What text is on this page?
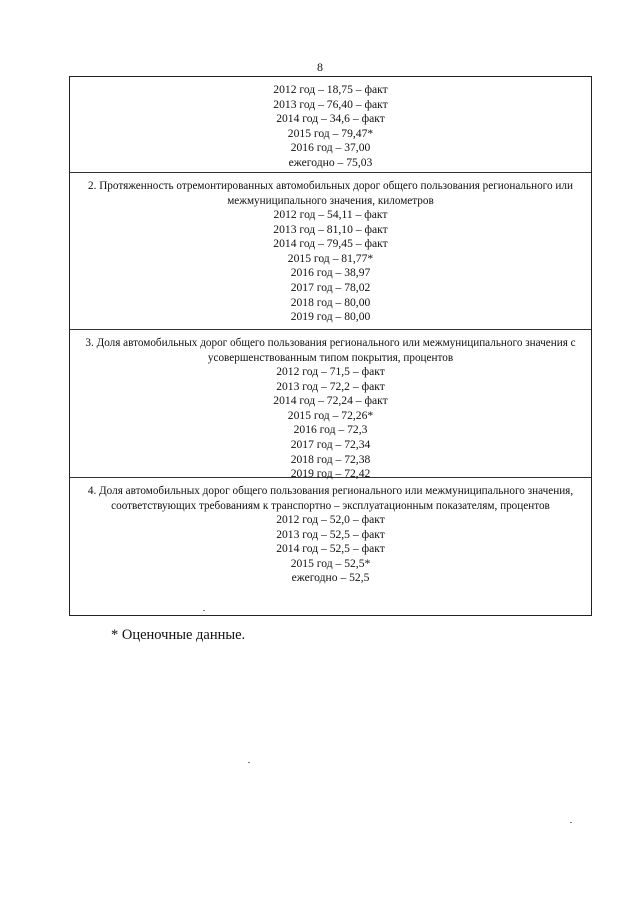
8
2012 год – 18,75 – факт
2013 год – 76,40 – факт
2014 год – 34,6 – факт
2015 год – 79,47*
2016 год – 37,00
ежегодно – 75,03
2. Протяженность отремонтированных автомобильных дорог общего пользования регионального или межмуниципального значения, километров
2012 год – 54,11 – факт
2013 год – 81,10 – факт
2014 год – 79,45 – факт
2015 год – 81,77*
2016 год – 38,97
2017 год – 78,02
2018 год – 80,00
2019 год – 80,00
3. Доля автомобильных дорог общего пользования регионального или межмуниципального значения с усовершенствованным типом покрытия, процентов
2012 год – 71,5 – факт
2013 год – 72,2 – факт
2014 год – 72,24 – факт
2015 год – 72,26*
2016 год – 72,3
2017 год – 72,34
2018 год – 72,38
2019 год – 72,42
4. Доля автомобильных дорог общего пользования регионального или межмуниципального значения, соответствующих требованиям к транспортно – эксплуатационным показателям, процентов
2012 год – 52,0 – факт
2013 год – 52,5 – факт
2014 год – 52,5 – факт
2015 год – 52,5*
ежегодно – 52,5
* Оценочные данные.
